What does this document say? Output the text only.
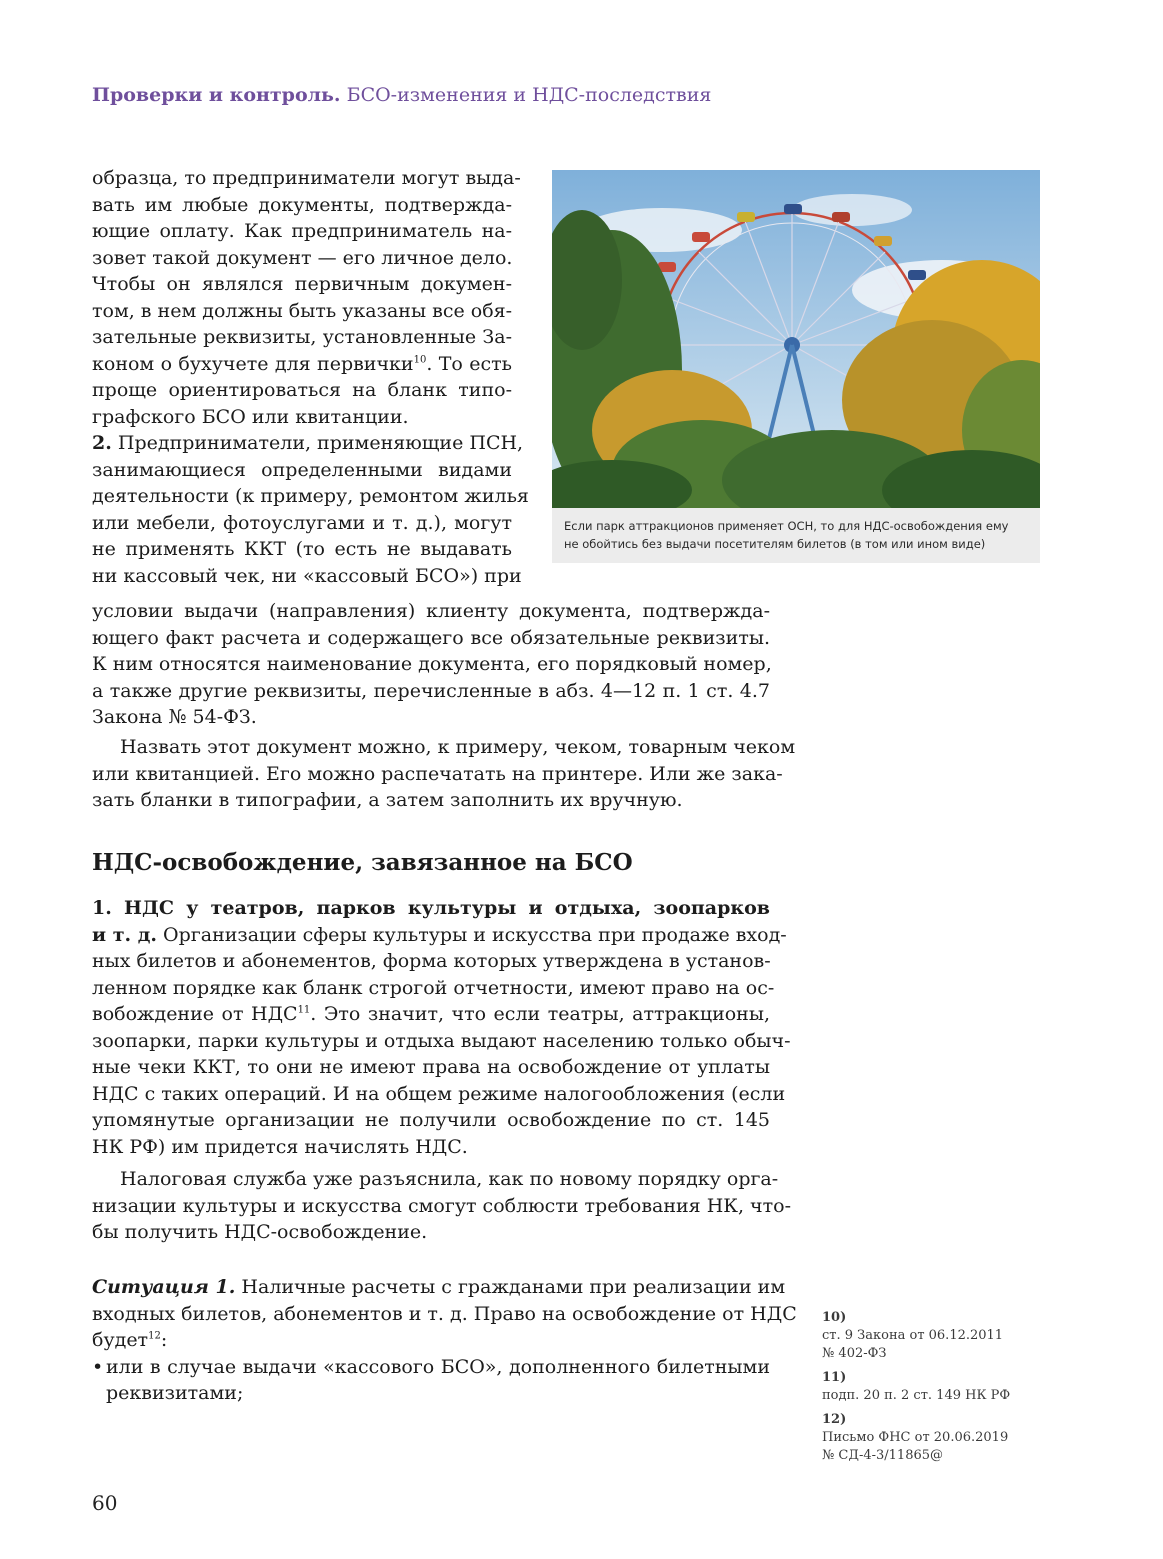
Проверки и контроль. БСО-изменения и НДС-последствия
образца, то предприниматели могут выда-
вать им любые документы, подтвержда-
ющие оплату. Как предприниматель на-
зовет такой документ — его личное дело.
Чтобы он являлся первичным докумен-
том, в нем должны быть указаны все обя-
зательные реквизиты, установленные За-
коном о бухучете для первички$^{10}$. То есть
проще ориентироваться на бланк типо-
графского БСО или квитанции.
2. Предприниматели, применяющие ПСН,
занимающиеся определенными видами
деятельности (к примеру, ремонтом жилья
или мебели, фотоуслугами и т. д.), могут
не применять ККТ (то есть не выдавать
ни кассовый чек, ни «кассовый БСО») при
Если парк аттракционов применяет ОСН, то для НДС-освобождения ему
не обойтись без выдачи посетителям билетов (в том или ином виде)
условии выдачи (направления) клиенту документа, подтвержда-
ющего факт расчета и содержащего все обязательные реквизиты.
К ним относятся наименование документа, его порядковый номер,
а также другие реквизиты, перечисленные в абз. 4—12 п. 1 ст. 4.7
Закона № 54-ФЗ.
Назвать этот документ можно, к примеру, чеком, товарным чеком
или квитанцией. Его можно распечатать на принтере. Или же зака-
зать бланки в типографии, а затем заполнить их вручную.
НДС-освобождение, завязанное на БСО
1. НДС у театров, парков культуры и отдыха, зоопарков
и т. д. Организации сферы культуры и искусства при продаже вход-
ных билетов и абонементов, форма которых утверждена в установ-
ленном порядке как бланк строгой отчетности, имеют право на ос-
вобождение от НДС$^{11}$. Это значит, что если театры, аттракционы,
зоопарки, парки культуры и отдыха выдают населению только обыч-
ные чеки ККТ, то они не имеют права на освобождение от уплаты
НДС с таких операций. И на общем режиме налогообложения (если
упомянутые организации не получили освобождение по ст. 145
НК РФ) им придется начислять НДС.
Налоговая служба уже разъяснила, как по новому порядку орга-
низации культуры и искусства смогут соблюсти требования НК, что-
бы получить НДС-освобождение.
Ситуация 1. Наличные расчеты с гражданами при реализации им
входных билетов, абонементов и т. д. Право на освобождение от НДС
будет$^{12}$:
• или в случае выдачи «кассового БСО», дополненного билетными
реквизитами;
10)
ст. 9 Закона от 06.12.2011
№ 402-ФЗ
11)
подп. 20 п. 2 ст. 149 НК РФ
12)
Письмо ФНС от 20.06.2019
№ СД-4-3/11865@
60
